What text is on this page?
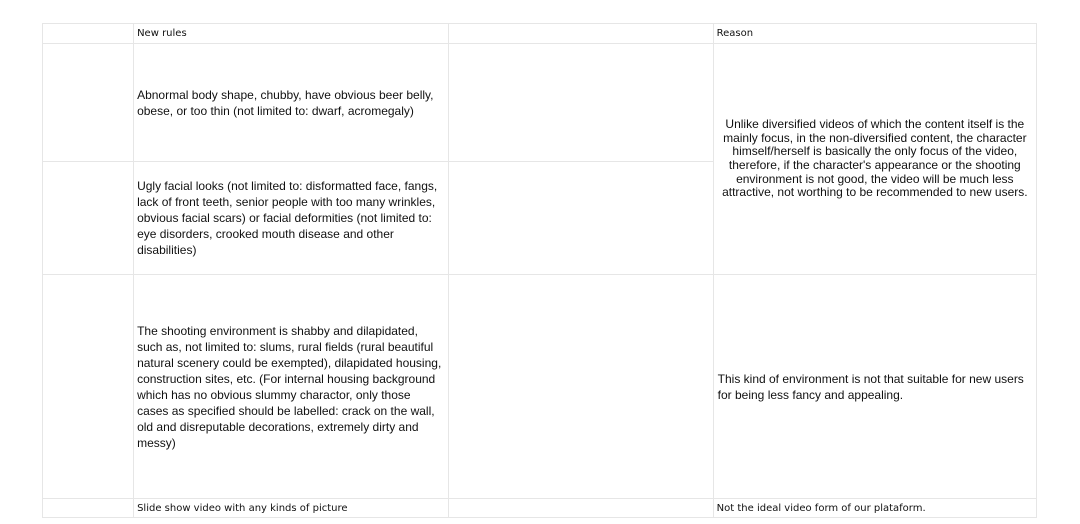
	New rules		Reason
	Abnormal body shape, chubby, have obvious beer belly, obese, or too thin (not limited to: dwarf, acromegaly)		Unlike diversified videos of which the content itself is the mainly focus, in the non-diversified content, the character himself/herself is basically the only focus of the video, therefore, if the character's appearance or the shooting environment is not good, the video will be much less attractive, not worthing to be recommended to new users.
	Ugly facial looks (not limited to: disformatted face, fangs, lack of front teeth, senior people with too many wrinkles, obvious facial scars) or facial deformities (not limited to: eye disorders, crooked mouth disease and other disabilities)		
	The shooting environment is shabby and dilapidated, such as, not limited to: slums, rural fields (rural beautiful natural scenery could be exempted), dilapidated housing, construction sites, etc. (For internal housing background which has no obvious slummy charactor, only those cases as specified should be labelled: crack on the wall, old and disreputable decorations, extremely dirty and messy)		This kind of environment is not that suitable for new users for being less fancy and appealing.
	Slide show video with any kinds of picture		Not the ideal video form of our plataform.
